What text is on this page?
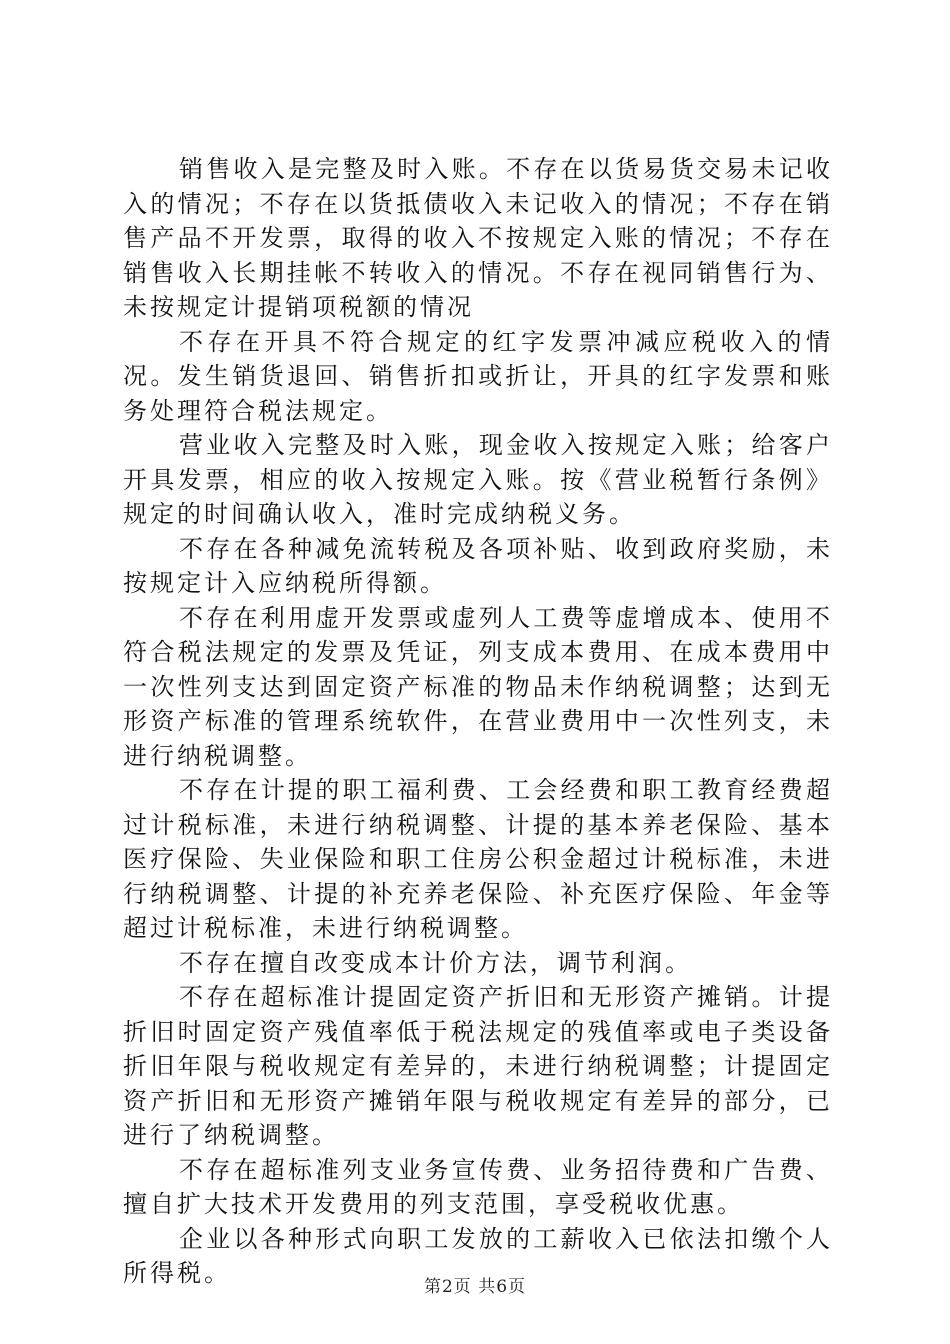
销售收入是完整及时入账。不存在以货易货交易未记收入的情况；不存在以货抵债收入未记收入的情况；不存在销售产品不开发票，取得的收入不按规定入账的情况；不存在销售收入长期挂帐不转收入的情况。不存在视同销售行为、未按规定计提销项税额的情况

不存在开具不符合规定的红字发票冲减应税收入的情况。发生销货退回、销售折扣或折让，开具的红字发票和账务处理符合税法规定。

营业收入完整及时入账，现金收入按规定入账；给客户开具发票，相应的收入按规定入账。按《营业税暂行条例》规定的时间确认收入，准时完成纳税义务。

不存在各种减免流转税及各项补贴、收到政府奖励，未按规定计入应纳税所得额。

不存在利用虚开发票或虚列人工费等虚增成本、使用不符合税法规定的发票及凭证，列支成本费用、在成本费用中一次性列支达到固定资产标准的物品未作纳税调整；达到无形资产标准的管理系统软件，在营业费用中一次性列支，未进行纳税调整。

不存在计提的职工福利费、工会经费和职工教育经费超过计税标准，未进行纳税调整、计提的基本养老保险、基本医疗保险、失业保险和职工住房公积金超过计税标准，未进行纳税调整、计提的补充养老保险、补充医疗保险、年金等超过计税标准，未进行纳税调整。

不存在擅自改变成本计价方法，调节利润。

不存在超标准计提固定资产折旧和无形资产摊销。计提折旧时固定资产残值率低于税法规定的残值率或电子类设备折旧年限与税收规定有差异的，未进行纳税调整；计提固定资产折旧和无形资产摊销年限与税收规定有差异的部分，已进行了纳税调整。

不存在超标准列支业务宣传费、业务招待费和广告费、擅自扩大技术开发费用的列支范围，享受税收优惠。

企业以各种形式向职工发放的工薪收入已依法扣缴个人所得税。	第2页 共6页
